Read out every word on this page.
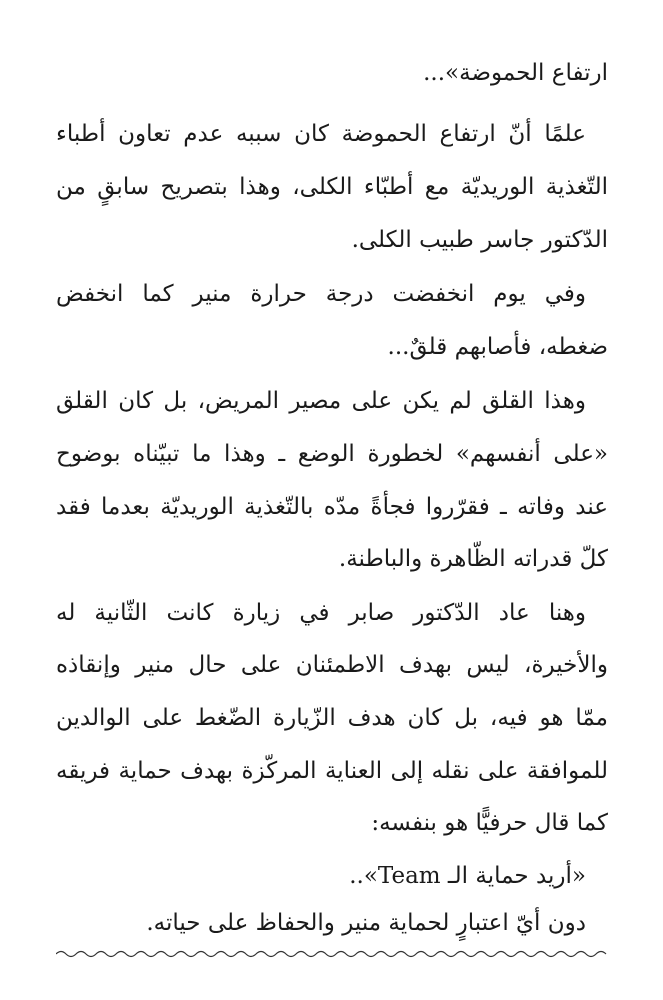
ارتفاع الحموضة»...
علمًا أنّ ارتفاع الحموضة كان سببه عدم تعاون أطباء
التّغذية الوريديّة مع أطبّاء الكلى، وهذا بتصريح سابقٍ من
الدّكتور جاسر طبيب الكلى.
وفي يوم انخفضت درجة حرارة منير كما انخفض
ضغطه، فأصابهم قلقٌ...
وهذا القلق لم يكن على مصير المريض، بل كان القلق
«على أنفسهم» لخطورة الوضع ـ وهذا ما تبيّناه بوضوح
عند وفاته ـ فقرّروا فجأةً مدّه بالتّغذية الوريديّة بعدما فقد
كلّ قدراته الظّاهرة والباطنة.
وهنا عاد الدّكتور صابر في زيارة كانت الثّانية له
والأخيرة، ليس بهدف الاطمئنان على حال منير وإنقاذه
ممّا هو فيه، بل كان هدف الزّيارة الضّغط على الوالدين
للموافقة على نقله إلى العناية المركّزة بهدف حماية فريقه
كما قال حرفيًّا هو بنفسه:
«أريد حماية الـ Team»..
دون أيّ اعتبارٍ لحماية منير والحفاظ على حياته.
